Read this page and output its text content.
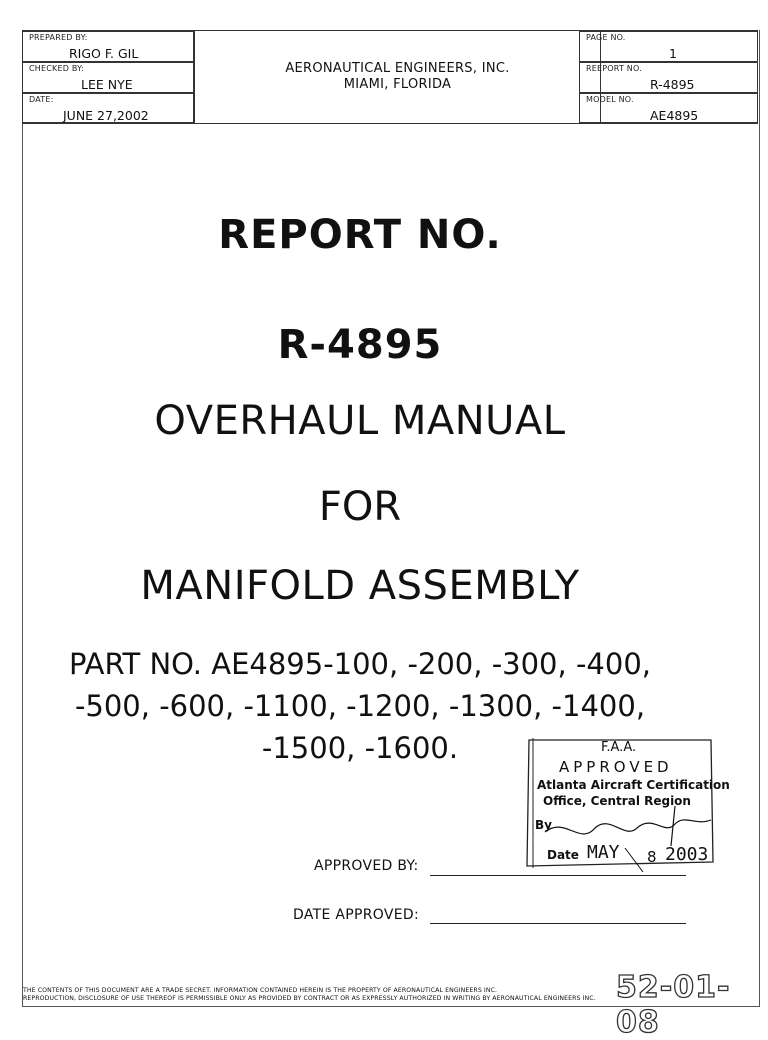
PREPARED BY:
RIGO F. GIL
CHECKED BY:
LEE NYE
DATE:
JUNE 27,2002
AERONAUTICAL ENGINEERS, INC.
MIAMI, FLORIDA
PAGE NO.
1
REEPORT NO.
R-4895
MODEL NO.
AE4895
REPORT NO.
R-4895
OVERHAUL MANUAL
FOR
MANIFOLD ASSEMBLY
PART NO. AE4895-100, -200, -300, -400,
-500, -600, -1100, -1200, -1300, -1400,
-1500, -1600.	F.A.A.
APPROVED
Atlanta Aircraft Certification
Office, Central Region
By
Date MAY 8 2003
APPROVED BY:
DATE APPROVED:
THE CONTENTS OF THIS DOCUMENT ARE A TRADE SECRET. INFORMATION CONTAINED HEREIN IS THE PROPERTY OF AERONAUTICAL ENGINEERS INC.
REPRODUCTION, DISCLOSURE OF USE THEREOF IS PERMISSIBLE ONLY AS PROVIDED BY CONTRACT OR AS EXPRESSLY AUTHORIZED IN WRITING BY AERONAUTICAL ENGINEERS INC. 52-01-08
